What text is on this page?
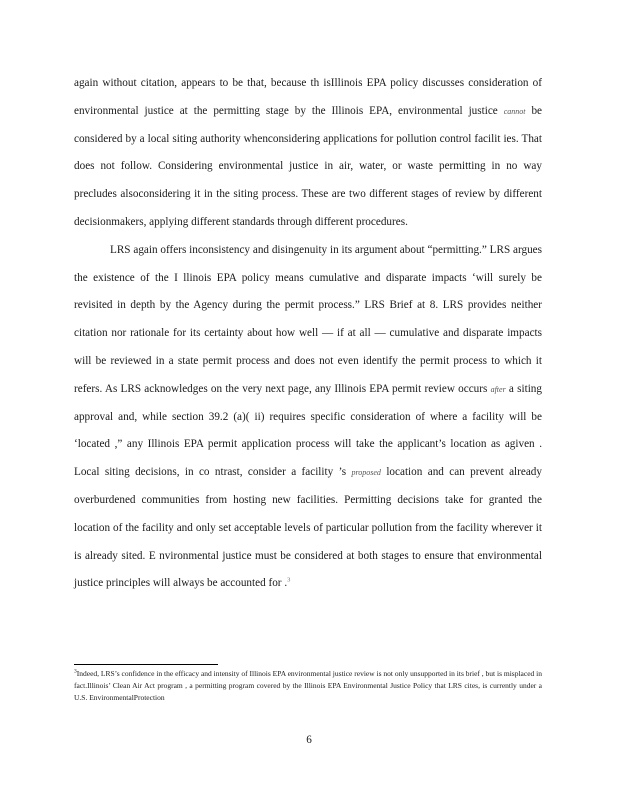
again without citation, appears to be that, because th isIllinois EPA policy discusses consideration of environmental justice at the permitting stage by the Illinois EPA, environmental justice cannot be considered by a local siting authority whenconsidering applications for pollution control facilit ies. That does not follow. Considering environmental justice in air, water, or waste permitting in no way precludes alsoconsidering it in the siting process. These are two different stages of review by different decisionmakers, applying different standards through different procedures.

LRS again offers inconsistency and disingenuity in its argument about “permitting.” LRS argues the existence of the I llinois EPA policy means cumulative and disparate impacts ‘will surely be revisited in depth by the Agency during the permit process.” LRS Brief at 8. LRS provides neither citation nor rationale for its certainty about how well — if at all — cumulative and disparate impacts will be reviewed in a state permit process and does not even identify the permit process to which it refers. As LRS acknowledges on the very next page, any Illinois EPA permit review occurs after a siting approval and, while section 39.2 (a)( ii) requires specific consideration of where a facility will be ‘located ,” any Illinois EPA permit application process will take the applicant’s location as agiven . Local siting decisions, in co ntrast, consider a facility ’s proposed location and can prevent already overburdened communities from hosting new facilities. Permitting decisions take for granted the location of the facility and only set acceptable levels of particular pollution from the facility wherever it is already sited. E nvironmental justice must be considered at both stages to ensure that environmental justice principles will always be accounted for .$^3$

$^3$Indeed, LRS’s confidence in the efficacy and intensity of Illinois EPA environmental justice review is not only unsupported in its brief , but is misplaced in fact.Illinois’ Clean Air Act program , a permitting program covered by the Illinois EPA Environmental Justice Policy that LRS cites, is currently under a U.S. EnvironmentalProtection

6
